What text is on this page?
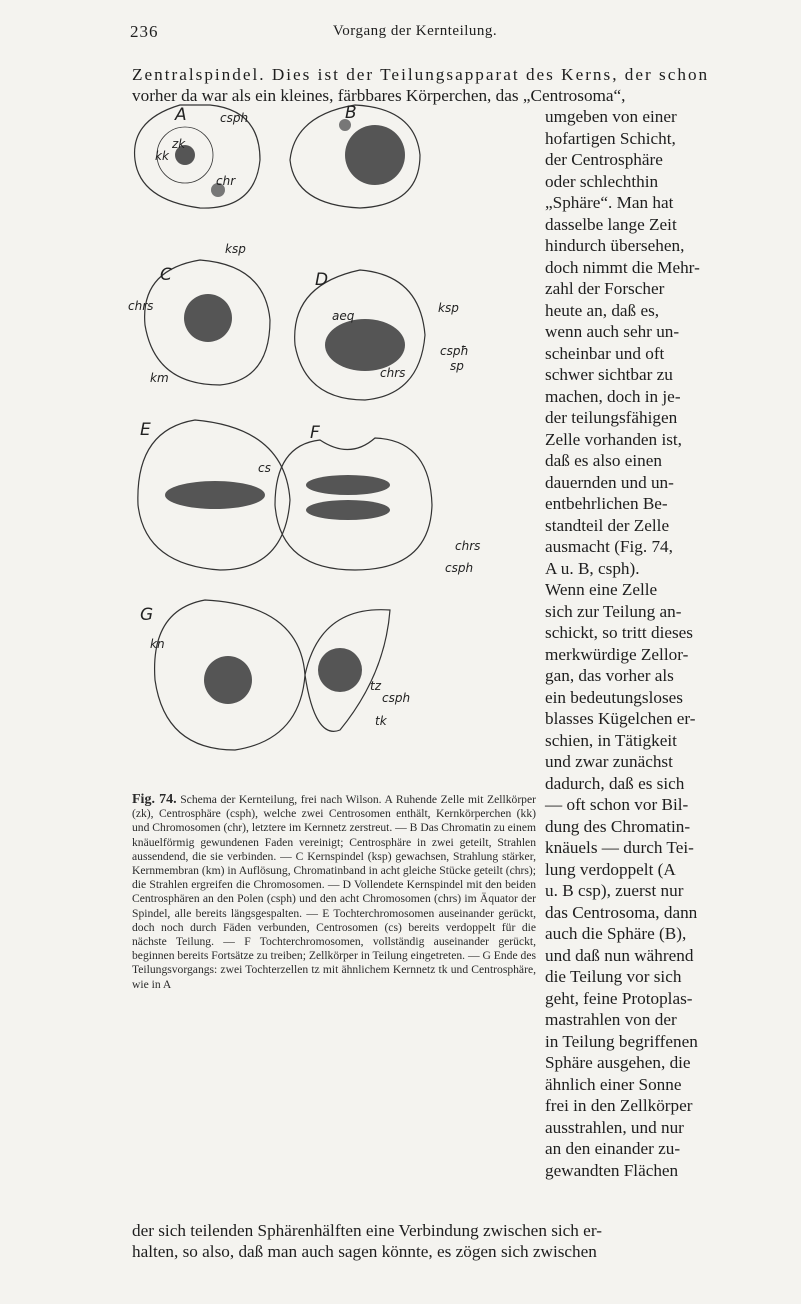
236	Vorgang der Kernteilung.
Zentralspindel. Dies ist der Teilungsapparat des Kerns, der schon
vorher da war als ein kleines, färbbares Körperchen, das „Centrosoma“,
A	B
C	D
E	F
G
csph
zk
kk
chr
ksp
aeq
ksp
chrs
km
cspħ
chrs	sp
cs
chrs
csph
kn
tz
csph
tk
umgeben von einer
hofartigen Schicht,
der Centrosphäre
oder schlechthin
„Sphäre“. Man hat
dasselbe lange Zeit
hindurch übersehen,
doch nimmt die Mehr-
zahl der Forscher
heute an, daß es,
wenn auch sehr un-
scheinbar und oft
schwer sichtbar zu
machen, doch in je-
der teilungsfähigen
Zelle vorhanden ist,
daß es also einen
dauernden und un-
entbehrlichen Be-
standteil der Zelle
ausmacht (Fig. 74,
A u. B, csph).
Wenn eine Zelle
sich zur Teilung an-
schickt, so tritt dieses
merkwürdige Zellor-
gan, das vorher als
ein bedeutungsloses
blasses Kügelchen er-
schien, in Tätigkeit
und zwar zunächst
dadurch, daß es sich
— oft schon vor Bil-
dung des Chromatin-
knäuels — durch Tei-
lung verdoppelt (A
u. B csp), zuerst nur
das Centrosoma, dann
auch die Sphäre (B),
und daß nun während
die Teilung vor sich
geht, feine Protoplas-
mastrahlen von der
in Teilung begriffenen
Sphäre ausgehen, die
ähnlich einer Sonne
frei in den Zellkörper
ausstrahlen, und nur
an den einander zu-
gewandten Flächen
Fig. 74. Schema der Kernteilung, frei nach Wilson. A Ruhende Zelle mit Zellkörper (zk), Centrosphäre (csph), welche zwei Centrosomen enthält, Kernkörperchen (kk) und Chromosomen (chr), letztere im Kernnetz zerstreut. — B Das Chromatin zu einem knäuelförmig gewundenen Faden vereinigt; Centrosphäre in zwei geteilt, Strahlen aussendend, die sie verbinden. — C Kernspindel (ksp) gewachsen, Strahlung stärker, Kernmembran (km) in Auflösung, Chromatinband in acht gleiche Stücke geteilt (chrs); die Strahlen ergreifen die Chromosomen. — D Vollendete Kernspindel mit den beiden Centrosphären an den Polen (csph) und den acht Chromosomen (chrs) im Äquator der Spindel, alle bereits längsgespalten. — E Tochterchromosomen auseinander gerückt, doch noch durch Fäden verbunden, Centrosomen (cs) bereits verdoppelt für die nächste Teilung. — F Tochterchromosomen, vollständig auseinander gerückt, beginnen bereits Fortsätze zu treiben; Zellkörper in Teilung eingetreten. — G Ende des Teilungsvorgangs: zwei Tochterzellen tz mit ähnlichem Kernnetz tk und Centrosphäre, wie in A
der sich teilenden Sphärenhälften eine Verbindung zwischen sich er-
halten, so also, daß man auch sagen könnte, es zögen sich zwischen
